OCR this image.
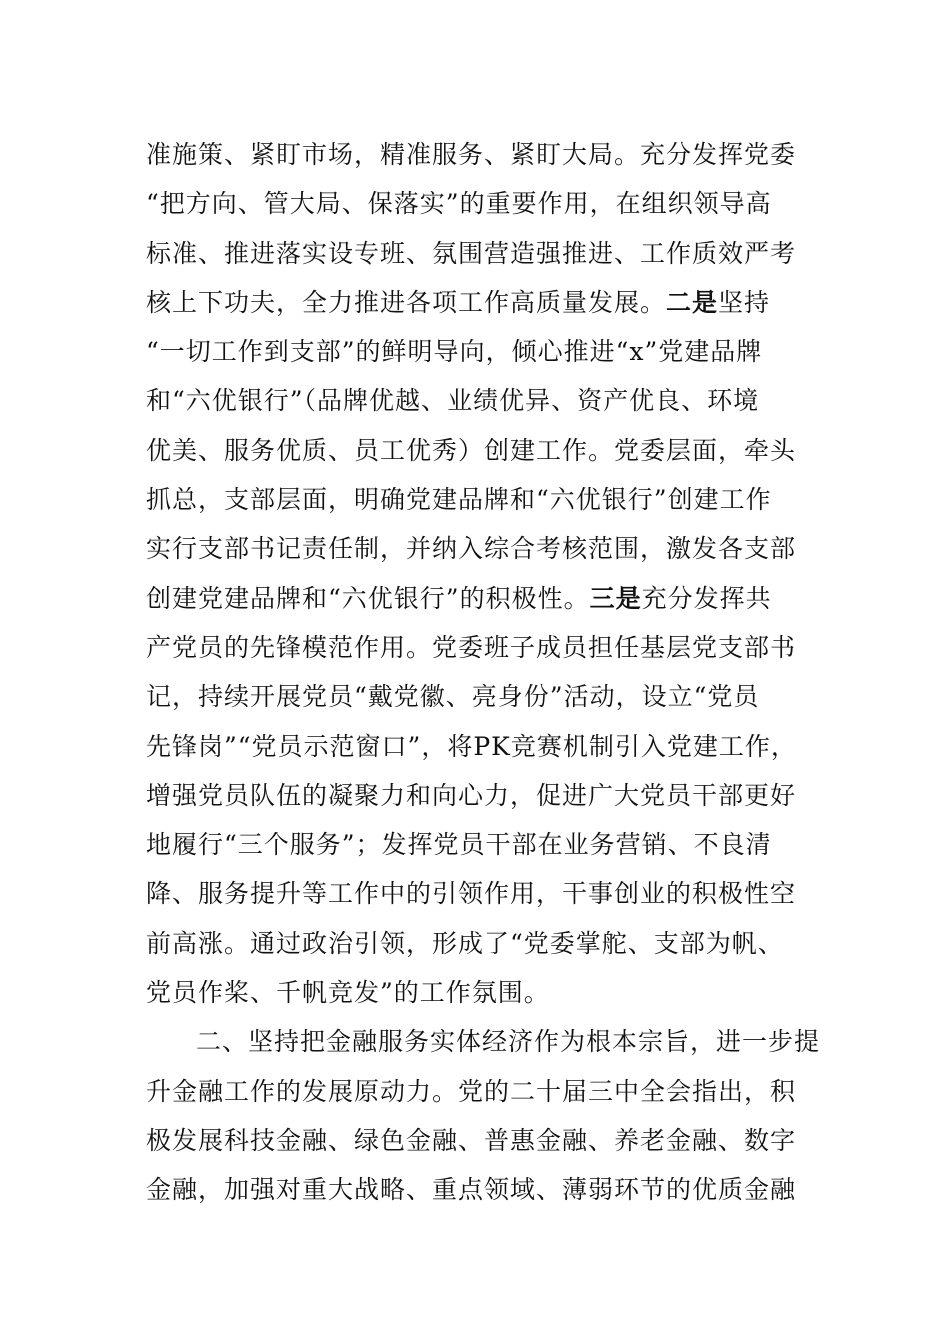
准施策、紧盯市场，精准服务、紧盯大局。充分发挥党委
“把方向、管大局、保落实”的重要作用，在组织领导高
标准、推进落实设专班、氛围营造强推进、工作质效严考
核上下功夫，全力推进各项工作高质量发展。二是坚持
“一切工作到支部”的鲜明导向，倾心推进“x”党建品牌
和“六优银行”（品牌优越、业绩优异、资产优良、环境
优美、服务优质、员工优秀）创建工作。党委层面，牵头
抓总，支部层面，明确党建品牌和“六优银行”创建工作
实行支部书记责任制，并纳入综合考核范围，激发各支部
创建党建品牌和“六优银行”的积极性。三是充分发挥共
产党员的先锋模范作用。党委班子成员担任基层党支部书
记，持续开展党员“戴党徽、亮身份”活动，设立“党员
先锋岗”“党员示范窗口”，将PK竞赛机制引入党建工作，
增强党员队伍的凝聚力和向心力，促进广大党员干部更好
地履行“三个服务”；发挥党员干部在业务营销、不良清
降、服务提升等工作中的引领作用，干事创业的积极性空
前高涨。通过政治引领，形成了“党委掌舵、支部为帆、
党员作桨、千帆竞发”的工作氛围。
二、坚持把金融服务实体经济作为根本宗旨，进一步提
升金融工作的发展原动力。党的二十届三中全会指出，积
极发展科技金融、绿色金融、普惠金融、养老金融、数字
金融，加强对重大战略、重点领域、薄弱环节的优质金融
